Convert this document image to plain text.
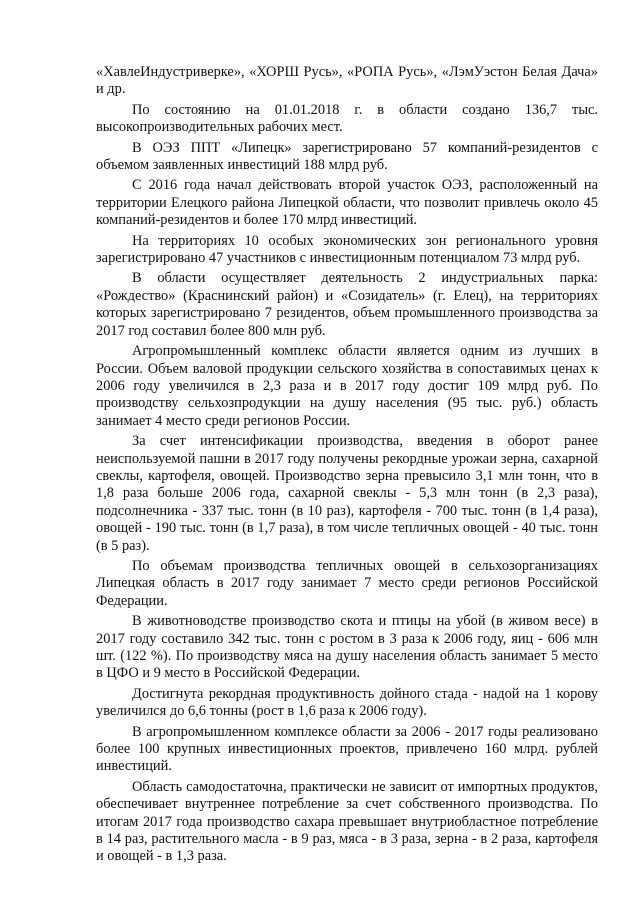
«ХавлеИндустриверке», «ХОРШ Русь», «РОПА Русь», «ЛэмУэстон Белая Дача» и др.

По состоянию на 01.01.2018 г. в области создано 136,7 тыс. высокопроизводительных рабочих мест.

В ОЭЗ ППТ «Липецк» зарегистрировано 57 компаний-резидентов с объемом заявленных инвестиций 188 млрд руб.

С 2016 года начал действовать второй участок ОЭЗ, расположенный на территории Елецкого района Липецкой области, что позволит привлечь около 45 компаний-резидентов и более 170 млрд инвестиций.

На территориях 10 особых экономических зон регионального уровня зарегистрировано 47 участников с инвестиционным потенциалом 73 млрд руб.

В области осуществляет деятельность 2 индустриальных парка: «Рождество» (Краснинский район) и «Созидатель» (г. Елец), на территориях которых зарегистрировано 7 резидентов, объем промышленного производства за 2017 год составил более 800 млн руб.

Агропромышленный комплекс области является одним из лучших в России. Объем валовой продукции сельского хозяйства в сопоставимых ценах к 2006 году увеличился в 2,3 раза и в 2017 году достиг 109 млрд руб. По производству сельхозпродукции на душу населения (95 тыс. руб.) область занимает 4 место среди регионов России.

За счет интенсификации производства, введения в оборот ранее неиспользуемой пашни в 2017 году получены рекордные урожаи зерна, сахарной свеклы, картофеля, овощей. Производство зерна превысило 3,1 млн тонн, что в 1,8 раза больше 2006 года, сахарной свеклы - 5,3 млн тонн (в 2,3 раза), подсолнечника - 337 тыс. тонн (в 10 раз), картофеля - 700 тыс. тонн (в 1,4 раза), овощей - 190 тыс. тонн (в 1,7 раза), в том числе тепличных овощей - 40 тыс. тонн (в 5 раз).

По объемам производства тепличных овощей в сельхозорганизациях Липецкая область в 2017 году занимает 7 место среди регионов Российской Федерации.

В животноводстве производство скота и птицы на убой (в живом весе) в 2017 году составило 342 тыс. тонн с ростом в 3 раза к 2006 году, яиц - 606 млн шт. (122 %). По производству мяса на душу населения область занимает 5 место в ЦФО и 9 место в Российской Федерации.

Достигнута рекордная продуктивность дойного стада - надой на 1 корову увеличился до 6,6 тонны (рост в 1,6 раза к 2006 году).

В агропромышленном комплексе области за 2006 - 2017 годы реализовано более 100 крупных инвестиционных проектов, привлечено 160 млрд. рублей инвестиций.

Область самодостаточна, практически не зависит от импортных продуктов, обеспечивает внутреннее потребление за счет собственного производства. По итогам 2017 года производство сахара превышает внутриобластное потребление в 14 раз, растительного масла - в 9 раз, мяса - в 3 раза, зерна - в 2 раза, картофеля и овощей - в 1,3 раза.
